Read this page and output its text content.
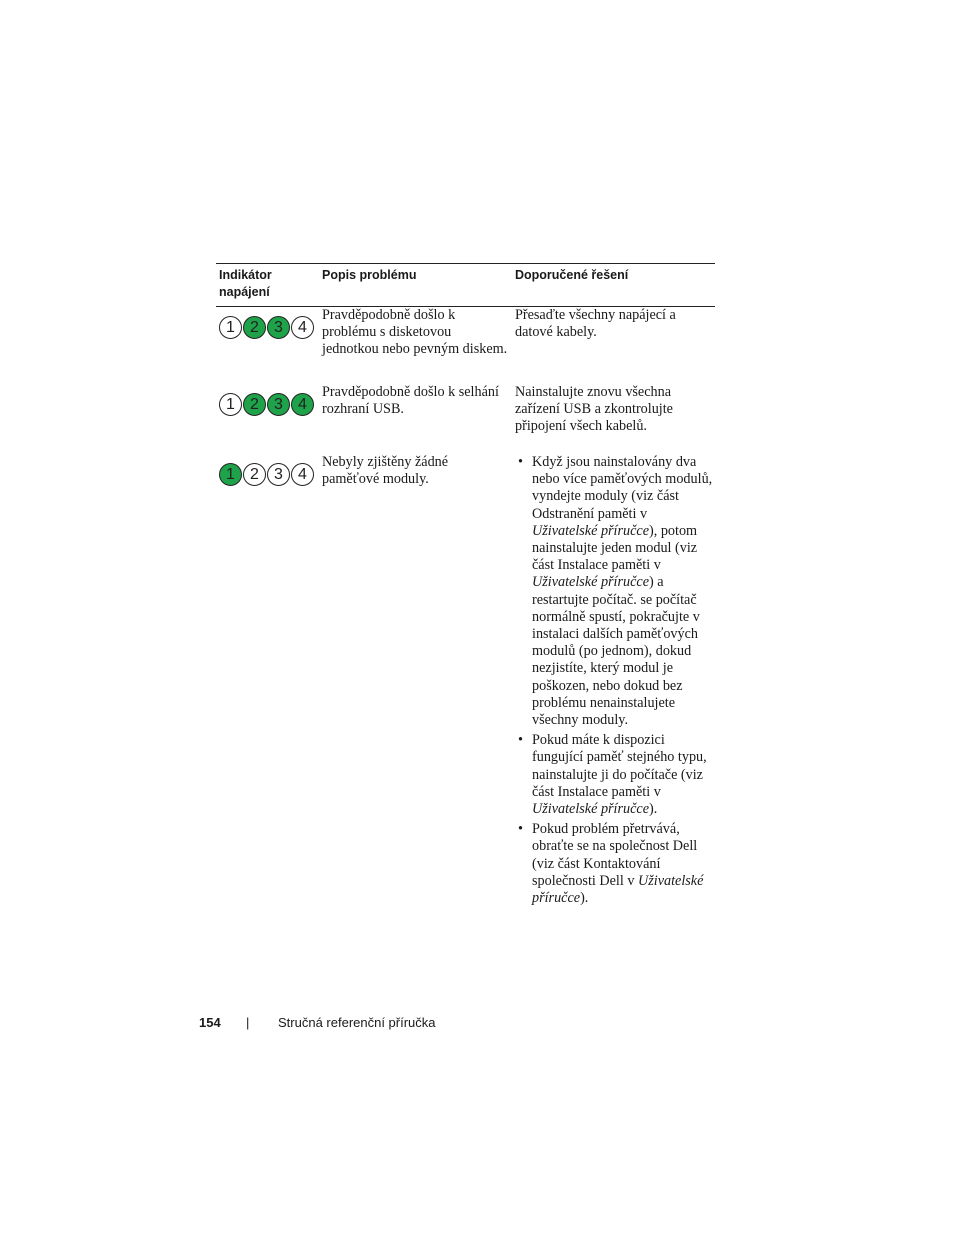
Indikátor napájení
Popis problému	Doporučené řešení
1 2 3 4
Pravděpodobně došlo k problému s disketovou jednotkou nebo pevným diskem.
Přesaďte všechny napájecí a datové kabely.
1 2 3 4
Pravděpodobně došlo k selhání rozhraní USB.
Nainstalujte znovu všechna zařízení USB a zkontrolujte připojení všech kabelů.
1 2 3 4
Nebyly zjištěny žádné paměťové moduly.
• Když jsou nainstalovány dva nebo více paměťových modulů, vyndejte moduly (viz část Odstranění paměti v Uživatelské příručce), potom nainstalujte jeden modul (viz část Instalace paměti v Uživatelské příručce) a restartujte počítač. se počítač normálně spustí, pokračujte v instalaci dalších paměťových modulů (po jednom), dokud nezjistíte, který modul je poškozen, nebo dokud bez problému nenainstalujete všechny moduly.
• Pokud máte k dispozici fungující paměť stejného typu, nainstalujte ji do počítače (viz část Instalace paměti v Uživatelské příručce).
• Pokud problém přetrvává, obraťte se na společnost Dell (viz část Kontaktování společnosti Dell v Uživatelské příručce).
154 | Stručná referenční příručka
